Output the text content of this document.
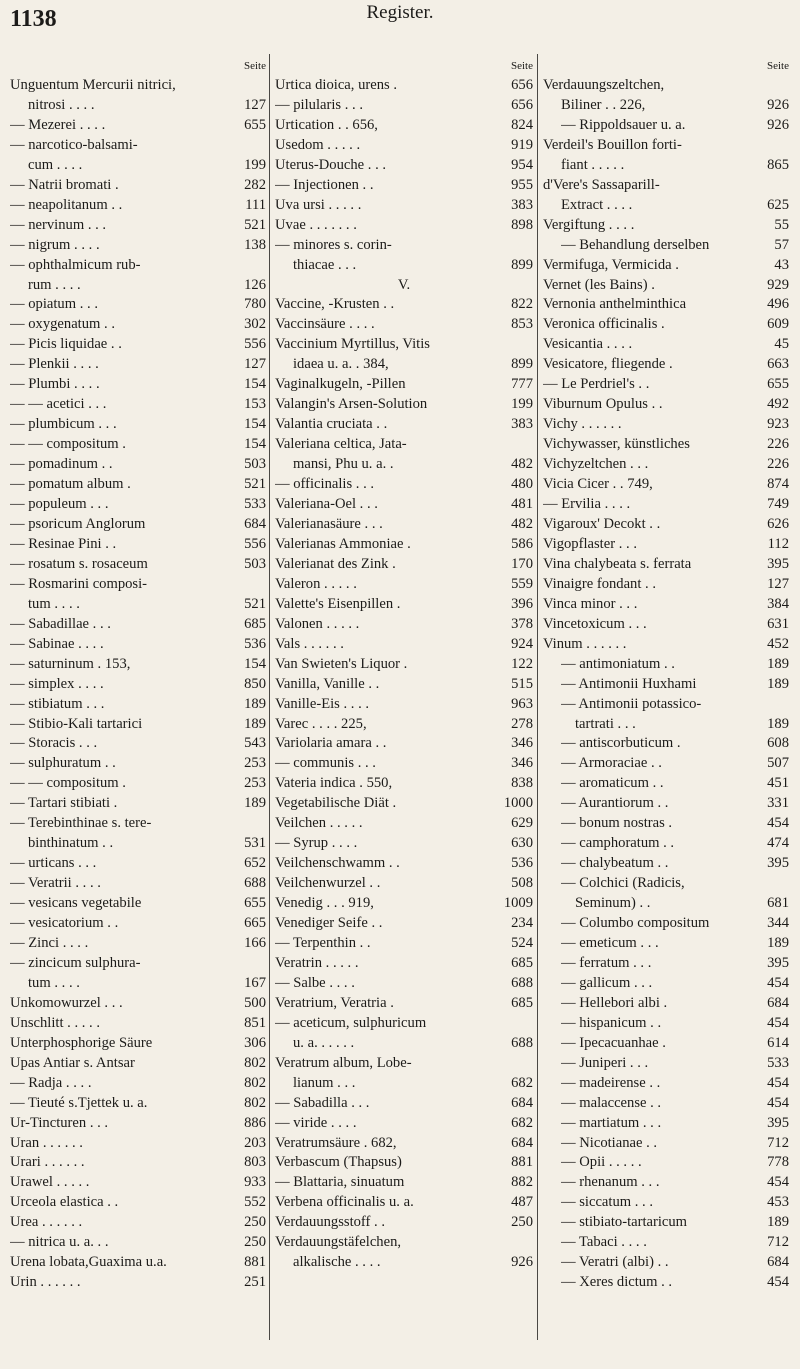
1138	Register.
Seite
Unguentum Mercurii nitrici,
nitrosi . . . .	127
— Mezerei . . . .	655
— narcotico-balsami-
cum . . . .	199
— Natrii bromati .	282
— neapolitanum . .	111
— nervinum . . .	521
— nigrum . . . .	138
— ophthalmicum rub-
rum . . . .	126
— opiatum . . .	780
— oxygenatum . .	302
— Picis liquidae . .	556
— Plenkii . . . .	127
— Plumbi . . . .	154
— — acetici . . .	153
— plumbicum . . .	154
— — compositum .	154
— pomadinum . .	503
— pomatum album .	521
— populeum . . .	533
— psoricum Anglorum	684
— Resinae Pini . .	556
— rosatum s. rosaceum	503
— Rosmarini composi-
tum . . . .	521
— Sabadillae . . .	685
— Sabinae . . . .	536
— saturninum . 153,	154
— simplex . . . .	850
— stibiatum . . .	189
— Stibio-Kali tartarici	189
— Storacis . . .	543
— sulphuratum . .	253
— — compositum .	253
— Tartari stibiati .	189
— Terebinthinae s. tere-
binthinatum . .	531
— urticans . . .	652
— Veratrii . . . .	688
— vesicans vegetabile	655
— vesicatorium . .	665
— Zinci . . . .	166
— zincicum sulphura-
tum . . . .	167
Unkomowurzel . . .	500
Unschlitt . . . . .	851
Unterphosphorige Säure	306
Upas Antiar s. Antsar	802
— Radja . . . .	802
— Tieuté s.Tjettek u. a.	802
Ur-Tincturen . . .	886
Uran . . . . . .	203
Urari . . . . . .	803
Urawel . . . . .	933
Urceola elastica . .	552
Urea . . . . . .	250
— nitrica u. a. . .	250
Urena lobata,Guaxima u.a.	881
Urin . . . . . .	251
Seite
Urtica dioica, urens .	656
— pilularis . . .	656
Urtication . . 656,	824
Usedom . . . . .	919
Uterus-Douche . . .	954
— Injectionen . .	955
Uva ursi . . . . .	383
Uvae . . . . . . .	898
— minores s. corin-
thiacae . . .	899
V.
Vaccine, -Krusten . .	822
Vaccinsäure . . . .	853
Vaccinium Myrtillus, Vitis
idaea u. a. . 384,	899
Vaginalkugeln, -Pillen	777
Valangin's Arsen-Solution	199
Valantia cruciata . .	383
Valeriana celtica, Jata-
mansi, Phu u. a. .	482
— officinalis . . .	480
Valeriana-Oel . . .	481
Valerianasäure . . .	482
Valerianas Ammoniae .	586
Valerianat des Zink .	170
Valeron . . . . .	559
Valette's Eisenpillen .	396
Valonen . . . . .	378
Vals . . . . . .	924
Van Swieten's Liquor .	122
Vanilla, Vanille . .	515
Vanille-Eis . . . .	963
Varec . . . . 225,	278
Variolaria amara . .	346
— communis . . .	346
Vateria indica . 550,	838
Vegetabilische Diät .	1000
Veilchen . . . . .	629
— Syrup . . . .	630
Veilchenschwamm . .	536
Veilchenwurzel . .	508
Venedig . . . 919,	1009
Venediger Seife . .	234
— Terpenthin . .	524
Veratrin . . . . .	685
— Salbe . . . .	688
Veratrium, Veratria .	685
— aceticum, sulphuricum
u. a. . . . . .	688
Veratrum album, Lobe-
lianum . . .	682
— Sabadilla . . .	684
— viride . . . .	682
Veratrumsäure . 682,	684
Verbascum (Thapsus)	881
— Blattaria, sinuatum	882
Verbena officinalis u. a.	487
Verdauungsstoff . .	250
Verdauungstäfelchen,
alkalische . . . .	926
Seite
Verdauungszeltchen,
Biliner . . 226,	926
— Rippoldsauer u. a.	926
Verdeil's Bouillon forti-
fiant . . . . .	865
d'Vere's Sassaparill-
Extract . . . .	625
Vergiftung . . . .	55
— Behandlung derselben	57
Vermifuga, Vermicida .	43
Vernet (les Bains) .	929
Vernonia anthelminthica	496
Veronica officinalis .	609
Vesicantia . . . .	45
Vesicatore, fliegende .	663
— Le Perdriel's . .	655
Viburnum Opulus . .	492
Vichy . . . . . .	923
Vichywasser, künstliches	226
Vichyzeltchen . . .	226
Vicia Cicer . . 749,	874
— Ervilia . . . .	749
Vigaroux' Decokt . .	626
Vigopflaster . . .	112
Vina chalybeata s. ferrata	395
Vinaigre fondant . .	127
Vinca minor . . .	384
Vincetoxicum . . .	631
Vinum . . . . . .	452
— antimoniatum . .	189
— Antimonii Huxhami	189
— Antimonii potassico-
tartrati . . .	189
— antiscorbuticum .	608
— Armoraciae . .	507
— aromaticum . .	451
— Aurantiorum . .	331
— bonum nostras .	454
— camphoratum . .	474
— chalybeatum . .	395
— Colchici (Radicis,
Seminum) . .	681
— Columbo compositum	344
— emeticum . . .	189
— ferratum . . .	395
— gallicum . . .	454
— Hellebori albi .	684
— hispanicum . .	454
— Ipecacuanhae .	614
— Juniperi . . .	533
— madeirense . .	454
— malaccense . .	454
— martiatum . . .	395
— Nicotianae . .	712
— Opii . . . . .	778
— rhenanum . . .	454
— siccatum . . .	453
— stibiato-tartaricum	189
— Tabaci . . . .	712
— Veratri (albi) . .	684
— Xeres dictum . .	454
